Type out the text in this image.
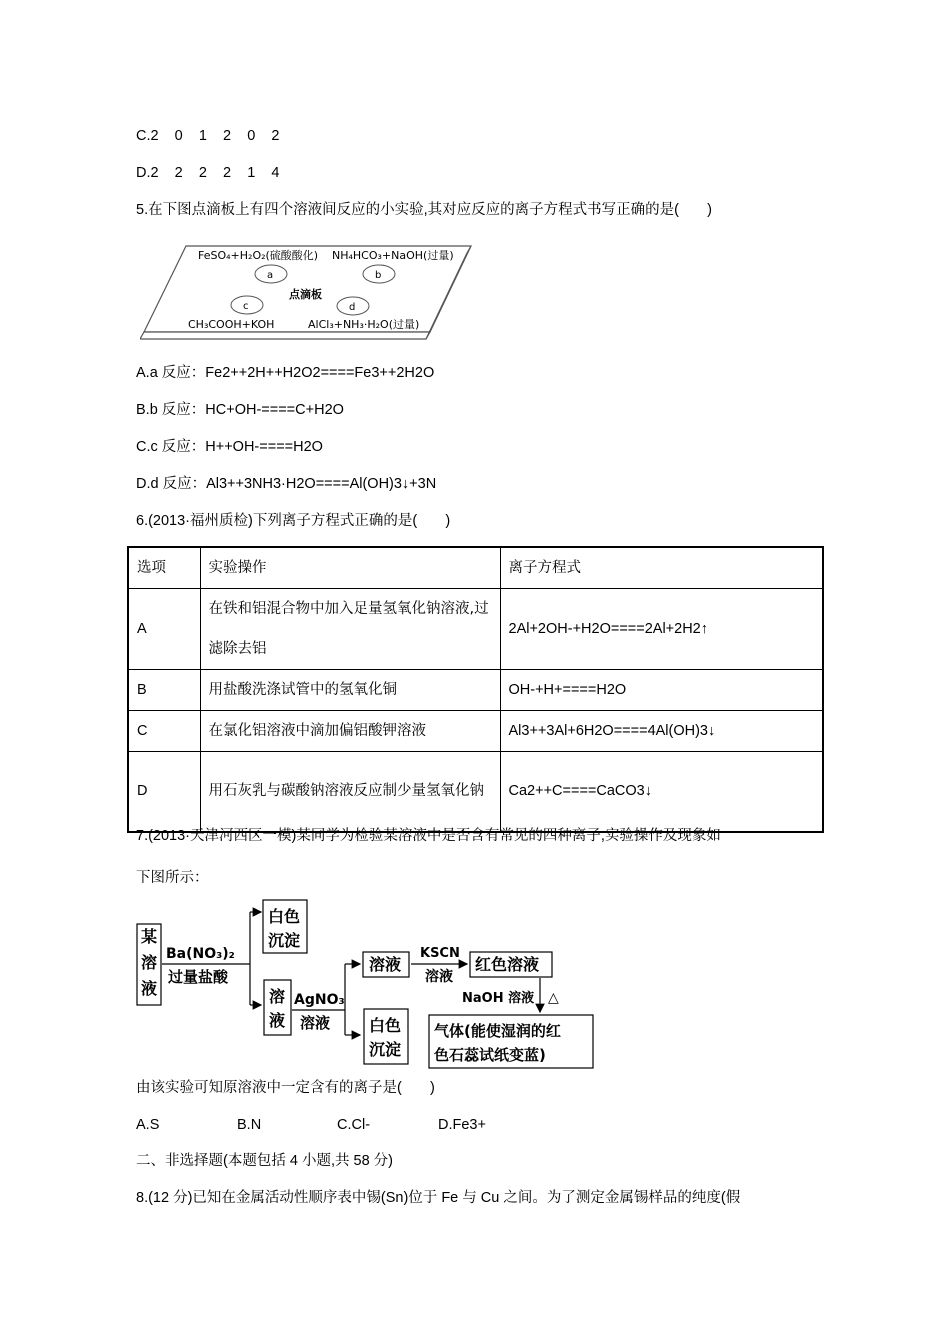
C.2    0    1    2    0    2
D.2    2    2    2    1    4
5.在下图点滴板上有四个溶液间反应的小实验,其对应反应的离子方程式书写正确的是(       )
FeSO₄+H₂O₂(硫酸酸化) NH₄HCO₃+NaOH(过量)
a	b
点滴板
c	d
CH₃COOH+KOH	AlCl₃+NH₃·H₂O(过量)
A.a 反应：Fe2++2H++H2O2====Fe3++2H2O
B.b 反应：HC+OH-====C+H2O
C.c 反应：H++OH-====H2O
D.d 反应：Al3++3NH3·H2O====Al(OH)3↓+3N
6.(2013·福州质检)下列离子方程式正确的是(       )
选项	实验操作	离子方程式
A	在铁和铝混合物中加入足量氢氧化钠溶液,过滤除去铝	2Al+2OH-+H2O====2Al+2H2↑
B	用盐酸洗涤试管中的氢氧化铜	OH-+H+====H2O
C	在氯化铝溶液中滴加偏铝酸钾溶液	Al3++3Al+6H2O====4Al(OH)3↓
D	用石灰乳与碳酸钠溶液反应制少量氢氧化钠	Ca2++C====CaCO3↓
7.(2013·天津河西区一模)某同学为检验某溶液中是否含有常见的四种离子,实验操作及现象如
下图所示：
某
溶
液
Ba(NO₃)₂
过量盐酸
白色
沉淀
溶
液
AgNO₃
溶液
溶液
KSCN
溶液
红色溶液
NaOH 溶液 △
气体(能使湿润的红
色石蕊试纸变蓝)
白色
沉淀
由该实验可知原溶液中一定含有的离子是(       )
A.S	B.N	C.Cl-	D.Fe3+
二、非选择题(本题包括 4 小题,共 58 分)
8.(12 分)已知在金属活动性顺序表中锡(Sn)位于 Fe 与 Cu 之间。为了测定金属锡样品的纯度(假
